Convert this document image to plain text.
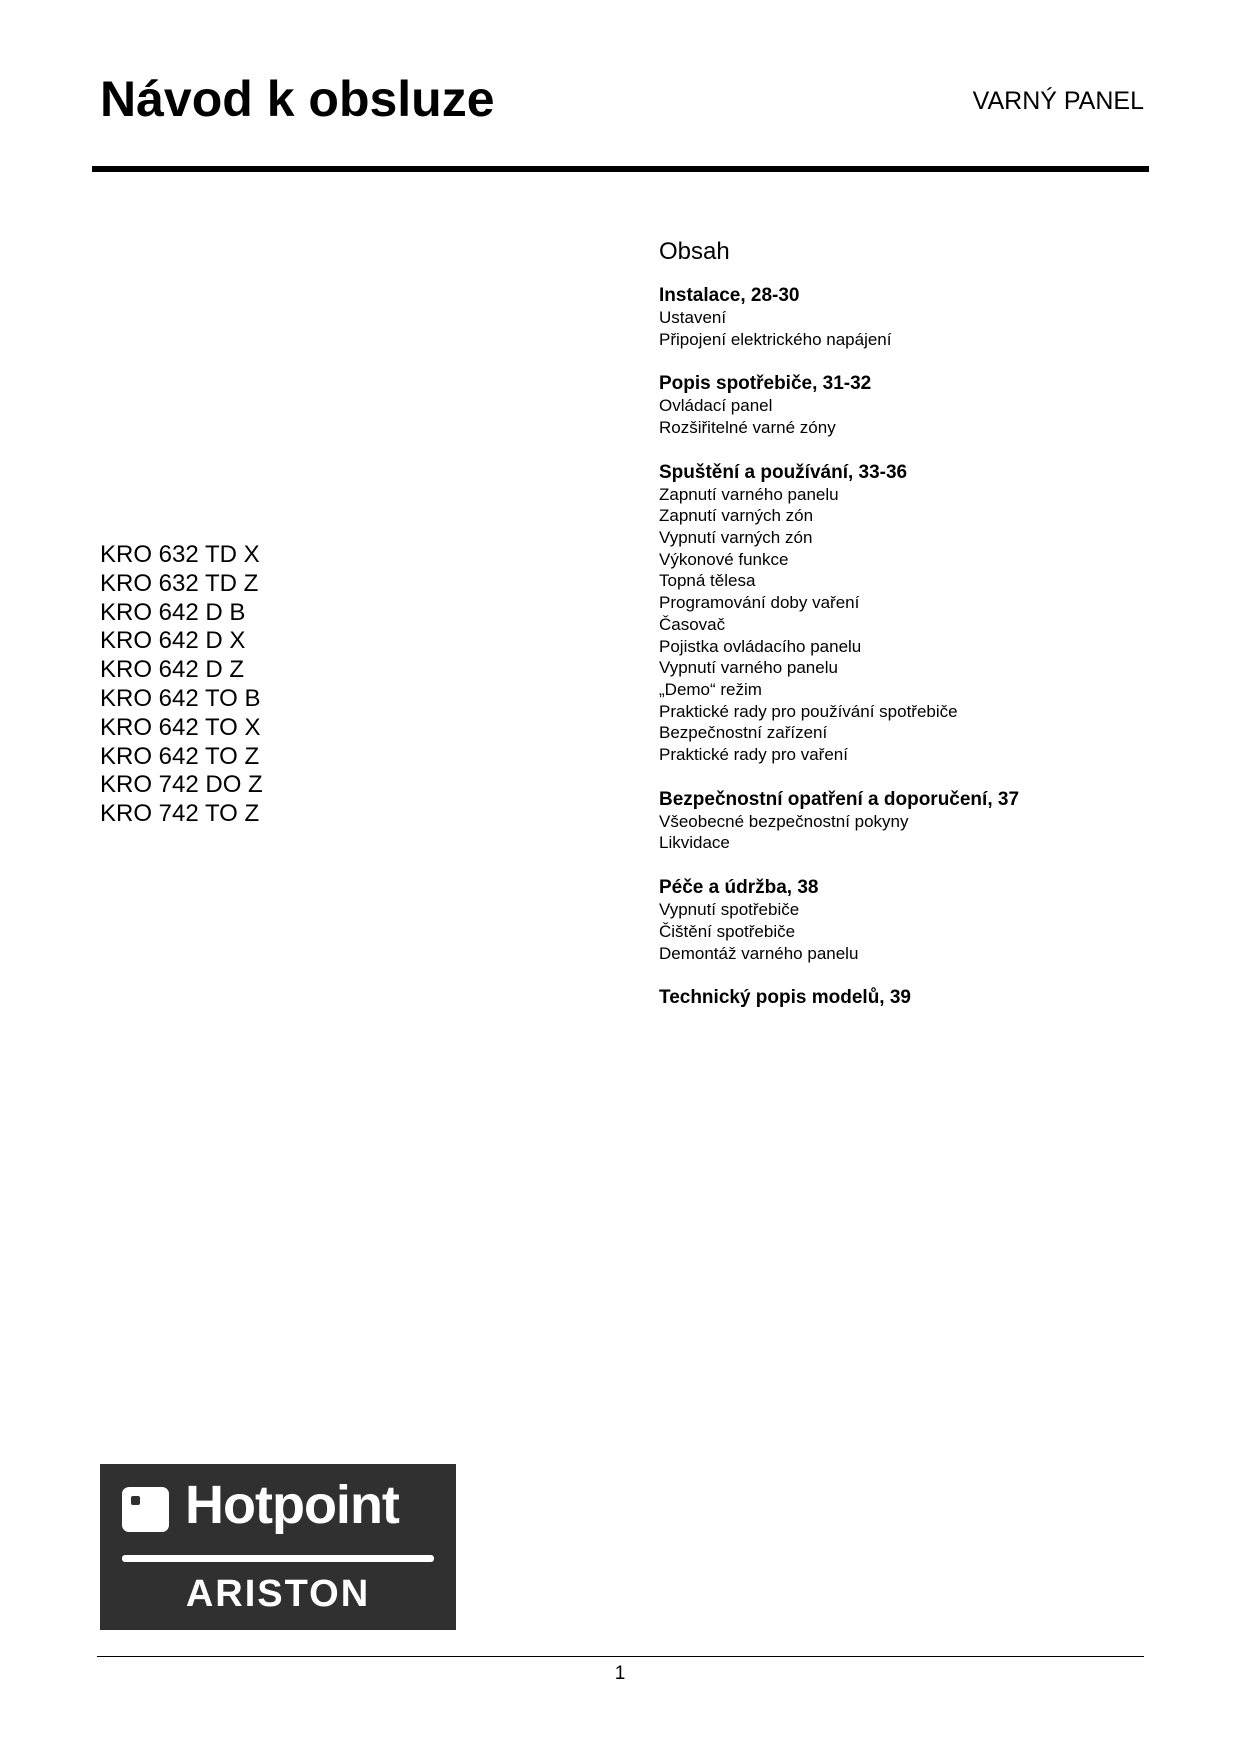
Návod k obsluze	VARNÝ PANEL
Obsah
Instalace, 28-30
Ustavení
Připojení elektrického napájení
Popis spotřebiče, 31-32
Ovládací panel
Rozšiřitelné varné zóny
Spuštění a používání, 33-36
Zapnutí varného panelu
Zapnutí varných zón
Vypnutí varných zón
Výkonové funkce
Topná tělesa
Programování doby vaření
Časovač
Pojistka ovládacího panelu
Vypnutí varného panelu
„Demo“ režim
Praktické rady pro používání spotřebiče
Bezpečnostní zařízení
Praktické rady pro vaření
Bezpečnostní opatření a doporučení, 37
Všeobecné bezpečnostní pokyny
Likvidace
Péče a údržba, 38
Vypnutí spotřebiče
Čištění spotřebiče
Demontáž varného panelu
Technický popis modelů, 39
KRO 632 TD X
KRO 632 TD Z
KRO 642 D B
KRO 642 D X
KRO 642 D Z
KRO 642 TO B
KRO 642 TO X
KRO 642 TO Z
KRO 742 DO Z
KRO 742 TO Z
Hotpoint
ARISTON
1
